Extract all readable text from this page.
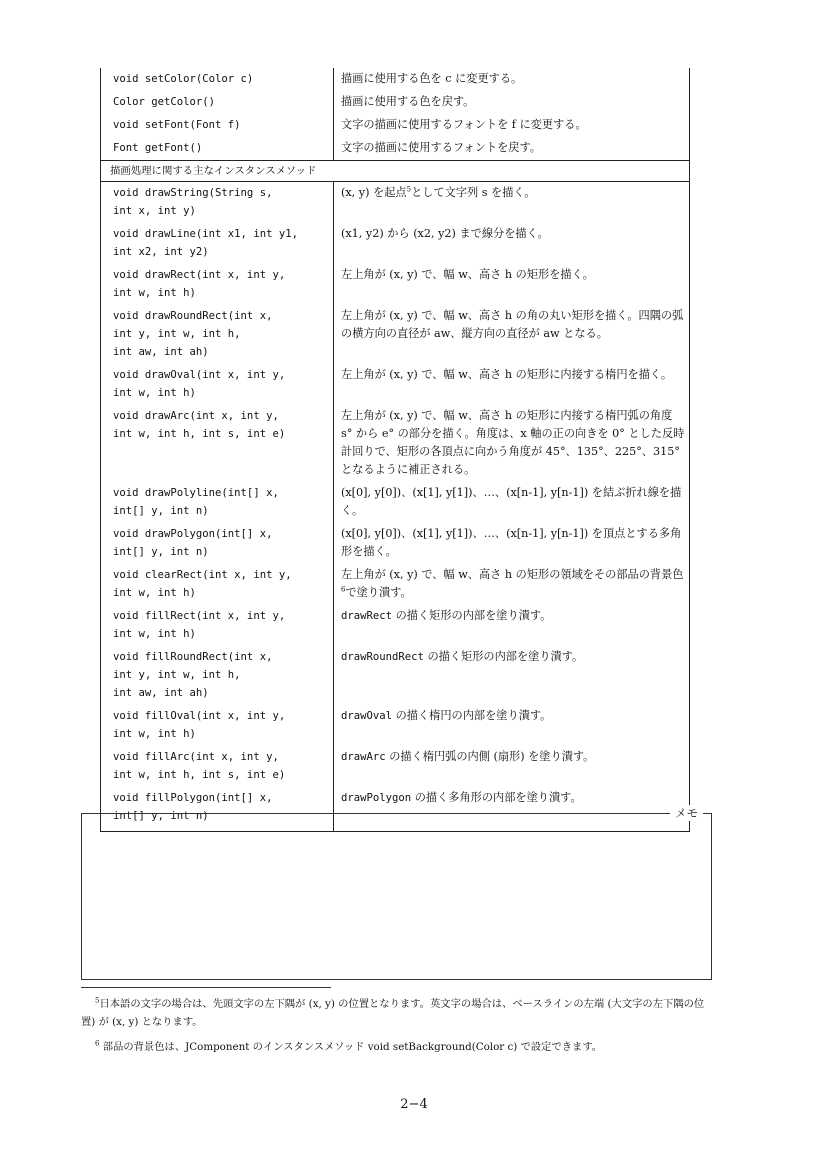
void setColor(Color c)	描画に使用する色を c に変更する。
Color getColor()	描画に使用する色を戻す。
void setFont(Font f)	文字の描画に使用するフォントを f に変更する。
Font getFont()	文字の描画に使用するフォントを戻す。
描画処理に関する主なインスタンスメソッド	
void drawString(String s,
int x, int y)	(x, y) を起点$^5$として文字列 s を描く。
void drawLine(int x1, int y1,
int x2, int y2)	(x1, y2) から (x2, y2) まで線分を描く。
void drawRect(int x, int y,
int w, int h)	左上角が (x, y) で、幅 w、高さ h の矩形を描く。
void drawRoundRect(int x,
int y, int w, int h,
int aw, int ah)	左上角が (x, y) で、幅 w、高さ h の角の丸い矩形を描く。四隅の弧の横方向の直径が aw、縦方向の直径が aw となる。
void drawOval(int x, int y,
int w, int h)	左上角が (x, y) で、幅 w、高さ h の矩形に内接する楕円を描く。
void drawArc(int x, int y,
int w, int h, int s, int e)	左上角が (x, y) で、幅 w、高さ h の矩形に内接する楕円弧の角度 s° から e° の部分を描く。角度は、x 軸の正の向きを 0° とした反時計回りで、矩形の各頂点に向かう角度が 45°、135°、225°、315° となるように補正される。
void drawPolyline(int[] x,
int[] y, int n)	(x[0], y[0])、(x[1], y[1])、…、(x[n-1], y[n-1]) を結ぶ折れ線を描く。
void drawPolygon(int[] x,
int[] y, int n)	(x[0], y[0])、(x[1], y[1])、…、(x[n-1], y[n-1]) を頂点とする多角形を描く。
void clearRect(int x, int y,
int w, int h)	左上角が (x, y) で、幅 w、高さ h の矩形の領域をその部品の背景色$^6$で塗り潰す。
void fillRect(int x, int y,
int w, int h)	drawRect の描く矩形の内部を塗り潰す。
void fillRoundRect(int x,
int y, int w, int h,
int aw, int ah)	drawRoundRect の描く矩形の内部を塗り潰す。
void fillOval(int x, int y,
int w, int h)	drawOval の描く楕円の内部を塗り潰す。
void fillArc(int x, int y,
int w, int h, int s, int e)	drawArc の描く楕円弧の内側 (扇形) を塗り潰す。
void fillPolygon(int[] x,
int[] y, int n)	drawPolygon の描く多角形の内部を塗り潰す。
メモ
$^5$日本語の文字の場合は、先頭文字の左下隅が (x, y) の位置となります。英文字の場合は、ベースラインの左端 (大文字の左下隅の位置) が (x, y) となります。
$^6$ 部品の背景色は、JComponent のインスタンスメソッド void setBackground(Color c) で設定できます。
2−4
